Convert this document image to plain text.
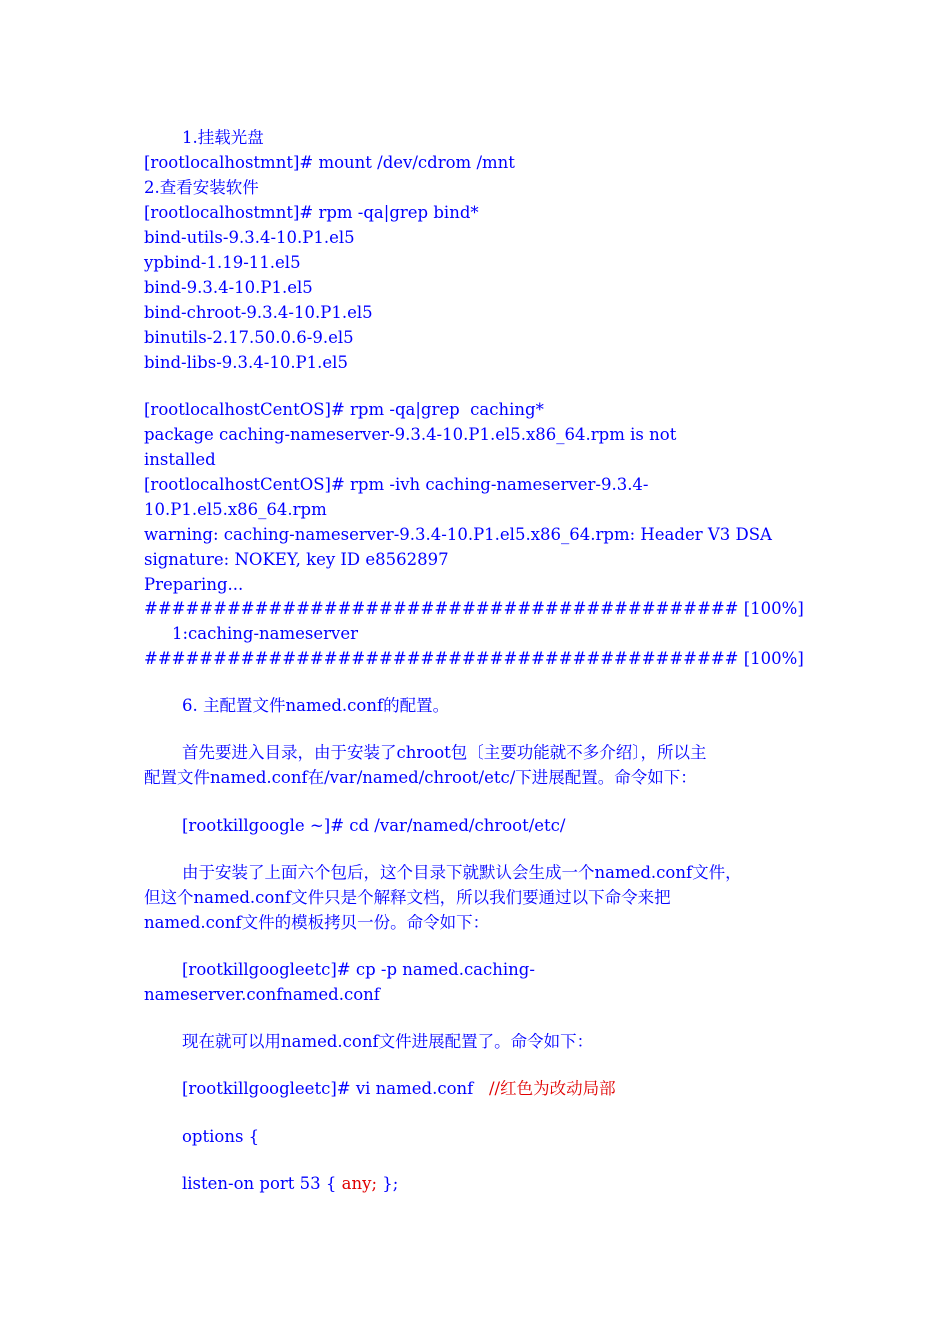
1.挂载光盘
[rootlocalhostmnt]# mount /dev/cdrom /mnt
2.查看安装软件
[rootlocalhostmnt]# rpm -qa|grep bind*
bind-utils-9.3.4-10.P1.el5
ypbind-1.19-11.el5
bind-9.3.4-10.P1.el5
bind-chroot-9.3.4-10.P1.el5
binutils-2.17.50.0.6-9.el5
bind-libs-9.3.4-10.P1.el5
[rootlocalhostCentOS]# rpm -qa|grep  caching*
package caching-nameserver-9.3.4-10.P1.el5.x86_64.rpm is not
installed
[rootlocalhostCentOS]# rpm -ivh caching-nameserver-9.3.4-
10.P1.el5.x86_64.rpm
warning: caching-nameserver-9.3.4-10.P1.el5.x86_64.rpm: Header V3 DSA
signature: NOKEY, key ID e8562897
Preparing...
########################################### [100%]
1:caching-nameserver
########################################### [100%]
6. 主配置文件named.conf的配置。
首先要进入目录，由于安装了chroot包〔主要功能就不多介绍〕，所以主
配置文件named.conf在/var/named/chroot/etc/下进展配置。命令如下：
[rootkillgoogle ~]# cd /var/named/chroot/etc/
由于安装了上面六个包后，这个目录下就默认会生成一个named.conf文件，
但这个named.conf文件只是个解释文档，所以我们要通过以下命令来把
named.conf文件的模板拷贝一份。命令如下：
[rootkillgoogleetc]# cp -p named.caching-
nameserver.confnamed.conf
现在就可以用named.conf文件进展配置了。命令如下：
[rootkillgoogleetc]# vi named.conf   //红色为改动局部
options {
listen-on port 53 { any; };
